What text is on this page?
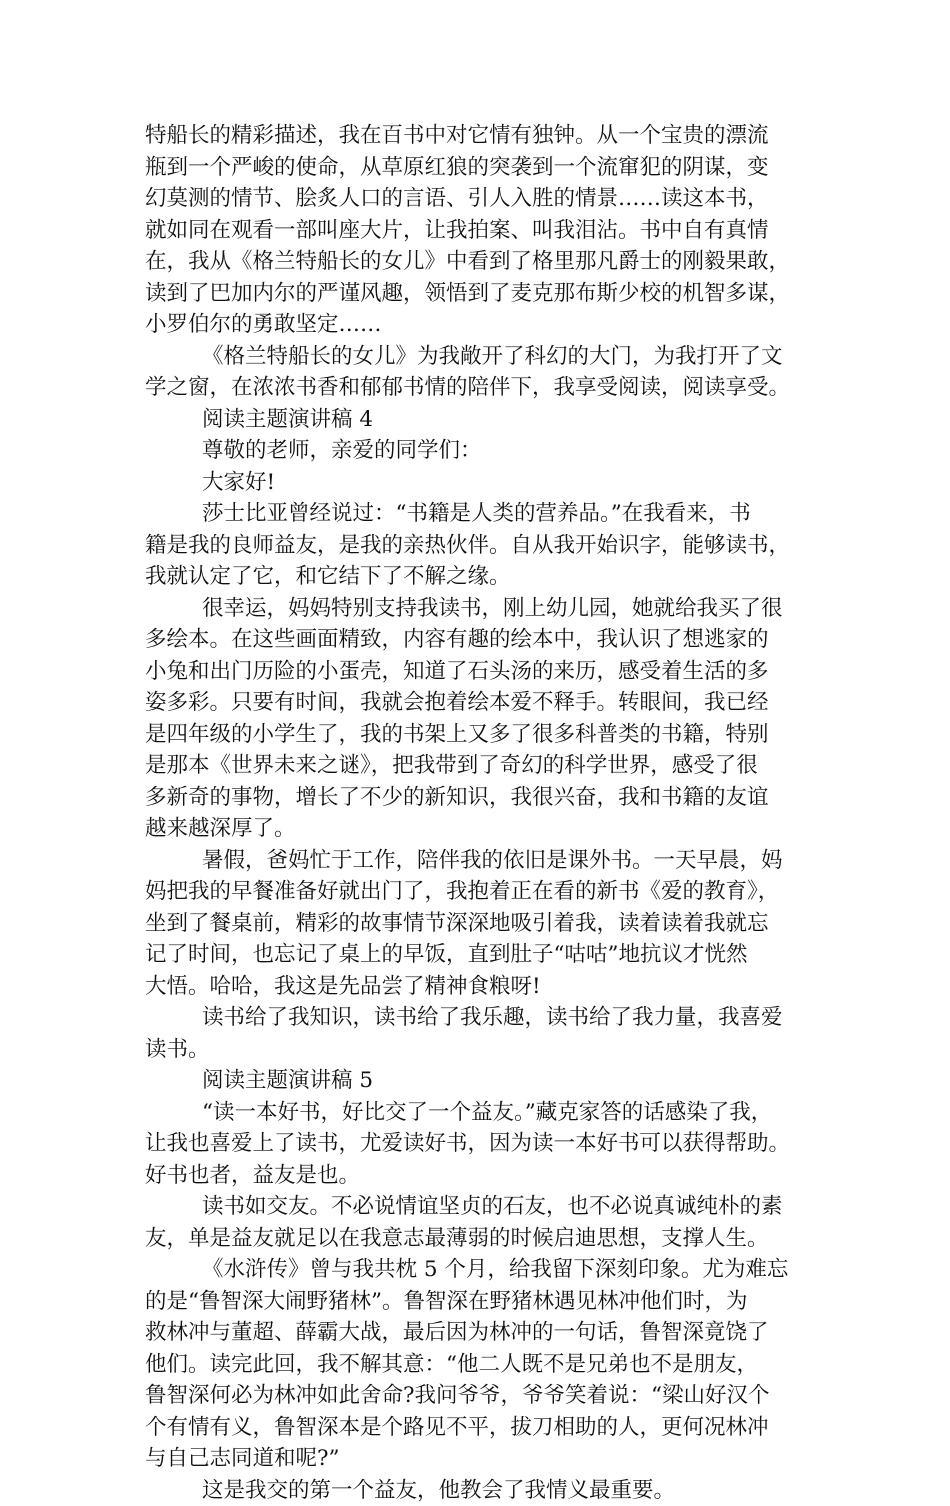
特船长的精彩描述，我在百书中对它情有独钟。从一个宝贵的漂流
瓶到一个严峻的使命，从草原红狼的突袭到一个流窜犯的阴谋，变
幻莫测的情节、脍炙人口的言语、引人入胜的情景……读这本书，
就如同在观看一部叫座大片，让我拍案、叫我泪沾。书中自有真情
在，我从《格兰特船长的女儿》中看到了格里那凡爵士的刚毅果敢，
读到了巴加内尔的严谨风趣，领悟到了麦克那布斯少校的机智多谋，
小罗伯尔的勇敢坚定……
《格兰特船长的女儿》为我敞开了科幻的大门，为我打开了文
学之窗，在浓浓书香和郁郁书情的陪伴下，我享受阅读，阅读享受。
阅读主题演讲稿 4
尊敬的老师，亲爱的同学们：
大家好!
莎士比亚曾经说过：“书籍是人类的营养品。”在我看来，书
籍是我的良师益友，是我的亲热伙伴。自从我开始识字，能够读书，
我就认定了它，和它结下了不解之缘。
很幸运，妈妈特别支持我读书，刚上幼儿园，她就给我买了很
多绘本。在这些画面精致，内容有趣的绘本中，我认识了想逃家的
小兔和出门历险的小蛋壳，知道了石头汤的来历，感受着生活的多
姿多彩。只要有时间，我就会抱着绘本爱不释手。转眼间，我已经
是四年级的小学生了，我的书架上又多了很多科普类的书籍，特别
是那本《世界未来之谜》，把我带到了奇幻的科学世界，感受了很
多新奇的事物，增长了不少的新知识，我很兴奋，我和书籍的友谊
越来越深厚了。
暑假，爸妈忙于工作，陪伴我的依旧是课外书。一天早晨，妈
妈把我的早餐准备好就出门了，我抱着正在看的新书《爱的教育》，
坐到了餐桌前，精彩的故事情节深深地吸引着我，读着读着我就忘
记了时间，也忘记了桌上的早饭，直到肚子“咕咕”地抗议才恍然
大悟。哈哈，我这是先品尝了精神食粮呀!
读书给了我知识，读书给了我乐趣，读书给了我力量，我喜爱
读书。
阅读主题演讲稿 5
“读一本好书，好比交了一个益友。”藏克家答的话感染了我，
让我也喜爱上了读书，尤爱读好书，因为读一本好书可以获得帮助。
好书也者，益友是也。
读书如交友。不必说情谊坚贞的石友，也不必说真诚纯朴的素
友，单是益友就足以在我意志最薄弱的时候启迪思想，支撑人生。
《水浒传》曾与我共枕 5 个月，给我留下深刻印象。尤为难忘
的是“鲁智深大闹野猪林”。鲁智深在野猪林遇见林冲他们时，为
救林冲与董超、薛霸大战，最后因为林冲的一句话，鲁智深竟饶了
他们。读完此回，我不解其意：“他二人既不是兄弟也不是朋友，
鲁智深何必为林冲如此舍命?我问爷爷，爷爷笑着说：“梁山好汉个
个有情有义，鲁智深本是个路见不平，拔刀相助的人，更何况林冲
与自己志同道和呢?”
这是我交的第一个益友，他教会了我情义最重要。
